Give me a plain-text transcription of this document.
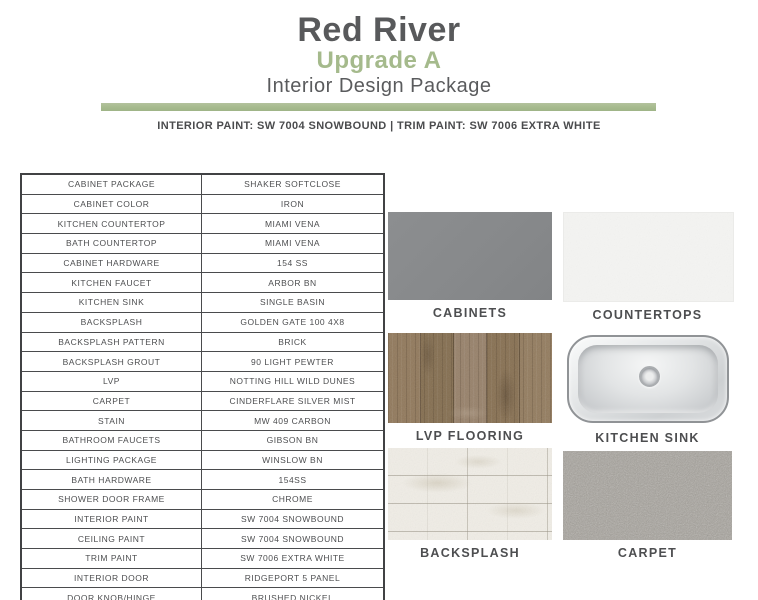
Red River
Upgrade A
Interior Design Package
INTERIOR PAINT: SW 7004 SNOWBOUND | TRIM PAINT: SW 7006 EXTRA WHITE
CABINET PACKAGE	SHAKER SOFTCLOSE
CABINET COLOR	IRON
KITCHEN COUNTERTOP	MIAMI VENA
BATH COUNTERTOP	MIAMI VENA
CABINET HARDWARE	154 SS
KITCHEN FAUCET	ARBOR BN
KITCHEN SINK	SINGLE BASIN
BACKSPLASH	GOLDEN GATE 100 4X8
BACKSPLASH PATTERN	BRICK
BACKSPLASH GROUT	90 LIGHT PEWTER
LVP	NOTTING HILL WILD DUNES
CARPET	CINDERFLARE SILVER MIST
STAIN	MW 409 CARBON
BATHROOM FAUCETS	GIBSON BN
LIGHTING PACKAGE	WINSLOW BN
BATH HARDWARE	154SS
SHOWER DOOR FRAME	CHROME
INTERIOR PAINT	SW 7004 SNOWBOUND
CEILING PAINT	SW 7004 SNOWBOUND
TRIM PAINT	SW 7006 EXTRA WHITE
INTERIOR DOOR	RIDGEPORT 5 PANEL
DOOR KNOB/HINGE	BRUSHED NICKEL
CABINETS	COUNTERTOPS
LVP FLOORING	KITCHEN SINK
BACKSPLASH	CARPET
